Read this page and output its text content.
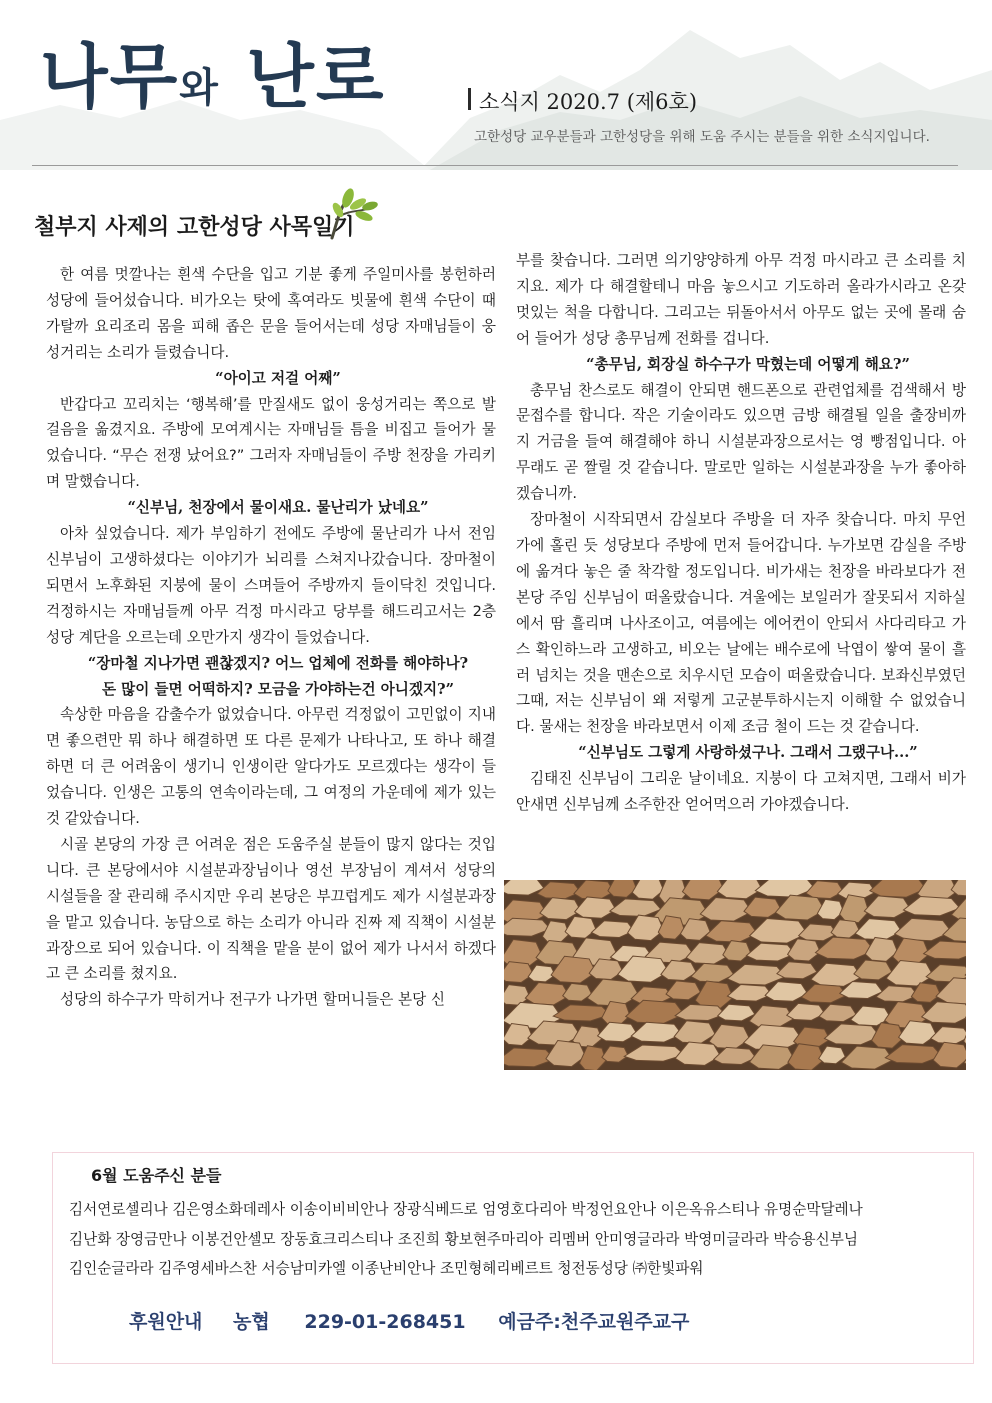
나무와 난로	소식지 2020.7 (제6호)
고한성당 교우분들과 고한성당을 위해 도움 주시는 분들을 위한 소식지입니다.
철부지 사제의 고한성당 사목일기

한 여름 멋깔나는 흰색 수단을 입고 기분 좋게 주일미사를 봉헌하러 성당에 들어섰습니다. 비가오는 탓에 혹여라도 빗물에 흰색 수단이 때가탈까 요리조리 몸을 피해 좁은 문을 들어서는데 성당 자매님들이 웅성거리는 소리가 들렸습니다.

“아이고 저걸 어째”

반갑다고 꼬리치는 ‘행복해’를 만질새도 없이 웅성거리는 쪽으로 발걸음을 옮겼지요. 주방에 모여계시는 자매님들 틈을 비집고 들어가 물었습니다. “무슨 전쟁 났어요?” 그러자 자매님들이 주방 천장을 가리키며 말했습니다.

“신부님, 천장에서 물이새요. 물난리가 났네요”

아차 싶었습니다. 제가 부임하기 전에도 주방에 물난리가 나서 전임 신부님이 고생하셨다는 이야기가 뇌리를 스쳐지나갔습니다. 장마철이 되면서 노후화된 지붕에 물이 스며들어 주방까지 들이닥친 것입니다. 걱정하시는 자매님들께 아무 걱정 마시라고 당부를 해드리고서는 2층 성당 계단을 오르는데 오만가지 생각이 들었습니다.

“장마철 지나가면 괜찮겠지? 어느 업체에 전화를 해야하나?

돈 많이 들면 어떡하지? 모금을 가야하는건 아니겠지?”

속상한 마음을 감출수가 없었습니다. 아무런 걱정없이 고민없이 지내면 좋으련만 뭐 하나 해결하면 또 다른 문제가 나타나고, 또 하나 해결하면 더 큰 어려움이 생기니 인생이란 알다가도 모르겠다는 생각이 들었습니다. 인생은 고통의 연속이라는데, 그 여정의 가운데에 제가 있는 것 같았습니다.

시골 본당의 가장 큰 어려운 점은 도움주실 분들이 많지 않다는 것입니다. 큰 본당에서야 시설분과장님이나 영선 부장님이 계셔서 성당의 시설들을 잘 관리해 주시지만 우리 본당은 부끄럽게도 제가 시설분과장을 맡고 있습니다. 농담으로 하는 소리가 아니라 진짜 제 직책이 시설분과장으로 되어 있습니다. 이 직책을 맡을 분이 없어 제가 나서서 하겠다고 큰 소리를 쳤지요.

성당의 하수구가 막히거나 전구가 나가면 할머니들은 본당 신

부를 찾습니다. 그러면 의기양양하게 아무 걱정 마시라고 큰 소리를 치지요. 제가 다 해결할테니 마음 놓으시고 기도하러 올라가시라고 온갖 멋있는 척을 다합니다. 그리고는 뒤돌아서서 아무도 없는 곳에 몰래 숨어 들어가 성당 총무님께 전화를 겁니다.

“총무님, 회장실 하수구가 막혔는데 어떻게 해요?”

총무님 찬스로도 해결이 안되면 핸드폰으로 관련업체를 검색해서 방문접수를 합니다. 작은 기술이라도 있으면 금방 해결될 일을 출장비까지 거금을 들여 해결해야 하니 시설분과장으로서는 영 빵점입니다. 아무래도 곧 짤릴 것 같습니다. 말로만 일하는 시설분과장을 누가 좋아하겠습니까.

장마철이 시작되면서 감실보다 주방을 더 자주 찾습니다. 마치 무언가에 홀린 듯 성당보다 주방에 먼저 들어갑니다. 누가보면 감실을 주방에 옮겨다 놓은 줄 착각할 정도입니다. 비가새는 천장을 바라보다가 전 본당 주임 신부님이 떠올랐습니다. 겨울에는 보일러가 잘못되서 지하실에서 땀 흘리며 나사조이고, 여름에는 에어컨이 안되서 사다리타고 가스 확인하느라 고생하고, 비오는 날에는 배수로에 낙엽이 쌓여 물이 흘러 넘치는 것을 맨손으로 치우시던 모습이 떠올랐습니다. 보좌신부였던 그때, 저는 신부님이 왜 저렇게 고군분투하시는지 이해할 수 없었습니다. 물새는 천장을 바라보면서 이제 조금 철이 드는 것 같습니다.

“신부님도 그렇게 사랑하셨구나. 그래서 그랬구나...”

김태진 신부님이 그리운 날이네요. 지붕이 다 고쳐지면, 그래서 비가 안새면 신부님께 소주한잔 얻어먹으러 가야겠습니다.

6월 도움주신 분들
김서연로셀리나 김은영소화데레사 이송이비비안나 장광식베드로 엄영호다리아 박정언요안나 이은옥유스티나 유명순막달레나
김난화 장영금만나 이봉건안셀모 장동효크리스티나 조진희 황보현주마리아 리멤버 안미영글라라 박영미글라라 박승용신부님
김인순글라라 김주영세바스찬 서승남미카엘 이종난비안나 조민형헤리베르트 청전동성당 ㈜한빛파워
후원안내 농협 229-01-268451 예금주:천주교원주교구
